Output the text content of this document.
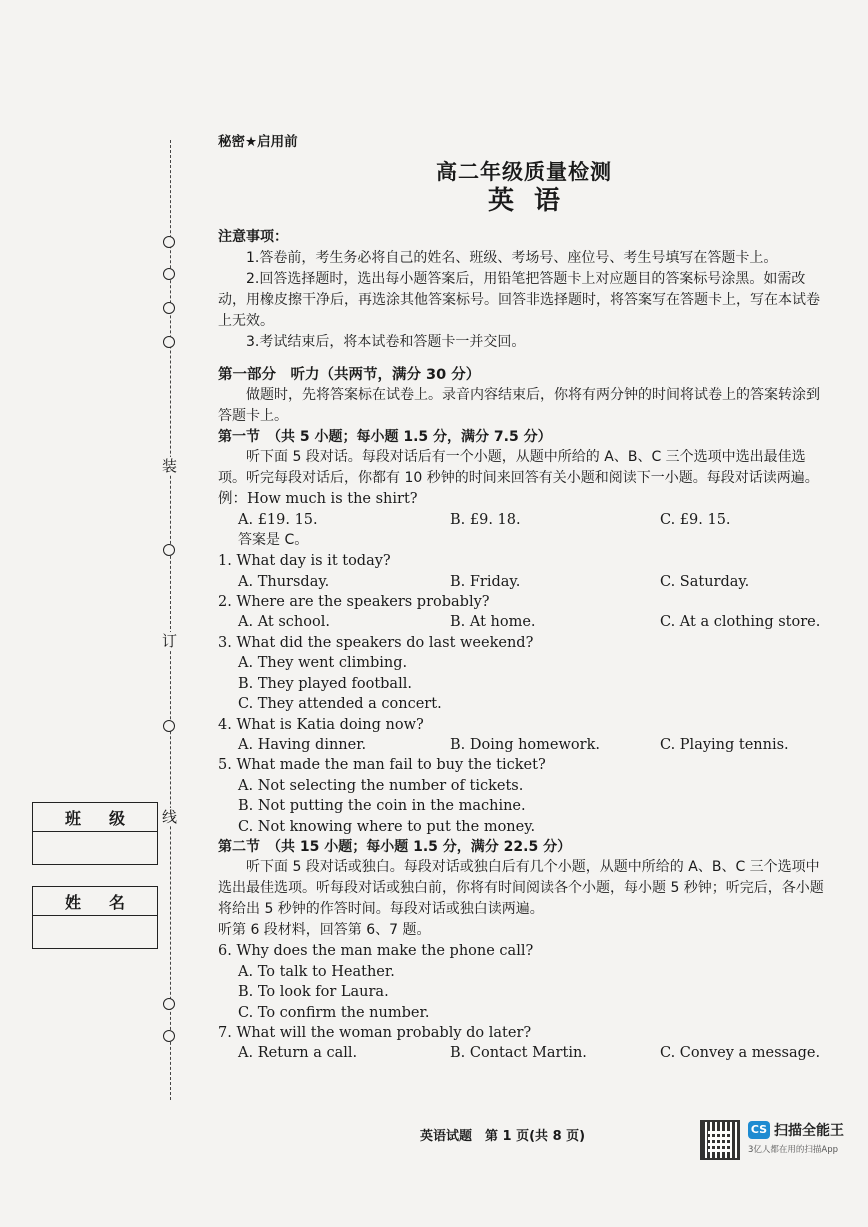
装
订
线
班 级
姓 名

秘密★启用前

高二年级质量检测
英语
注意事项：

1.答卷前，考生务必将自己的姓名、班级、考场号、座位号、考生号填写在答题卡上。

2.回答选择题时，选出每小题答案后，用铅笔把答题卡上对应题目的答案标号涂黑。如需改动，用橡皮擦干净后，再选涂其他答案标号。回答非选择题时，将答案写在答题卡上，写在本试卷上无效。

3.考试结束后，将本试卷和答题卡一并交回。

第一部分　听力（共两节，满分 30 分）

做题时，先将答案标在试卷上。录音内容结束后，你将有两分钟的时间将试卷上的答案转涂到答题卡上。

第一节　（共 5 小题；每小题 1.5 分，满分 7.5 分）

听下面 5 段对话。每段对话后有一个小题，从题中所给的 A、B、C 三个选项中选出最佳选项。听完每段对话后，你都有 10 秒钟的时间来回答有关小题和阅读下一小题。每段对话读两遍。

例：How much is the shirt?

A. £19. 15.	B. £9. 18.	C. £9. 15.

答案是 C。

1. What day is it today?

A. Thursday.	B. Friday.	C. Saturday.

2. Where are the speakers probably?

A. At school.	B. At home.	C. At a clothing store.

3. What did the speakers do last weekend?

A. They went climbing.

B. They played football.

C. They attended a concert.

4. What is Katia doing now?

A. Having dinner.	B. Doing homework.	C. Playing tennis.

5. What made the man fail to buy the ticket?

A. Not selecting the number of tickets.

B. Not putting the coin in the machine.

C. Not knowing where to put the money.

第二节　（共 15 小题；每小题 1.5 分，满分 22.5 分）

听下面 5 段对话或独白。每段对话或独白后有几个小题，从题中所给的 A、B、C 三个选项中选出最佳选项。听每段对话或独白前，你将有时间阅读各个小题，每小题 5 秒钟；听完后，各小题将给出 5 秒钟的作答时间。每段对话或独白读两遍。

听第 6 段材料，回答第 6、7 题。

6. Why does the man make the phone call?

A. To talk to Heather.

B. To look for Laura.

C. To confirm the number.

7. What will the woman probably do later?

A. Return a call.	B. Contact Martin.	C. Convey a message.
英语试题　第 1 页(共 8 页)	CS 扫描全能王
3亿人都在用的扫描App
